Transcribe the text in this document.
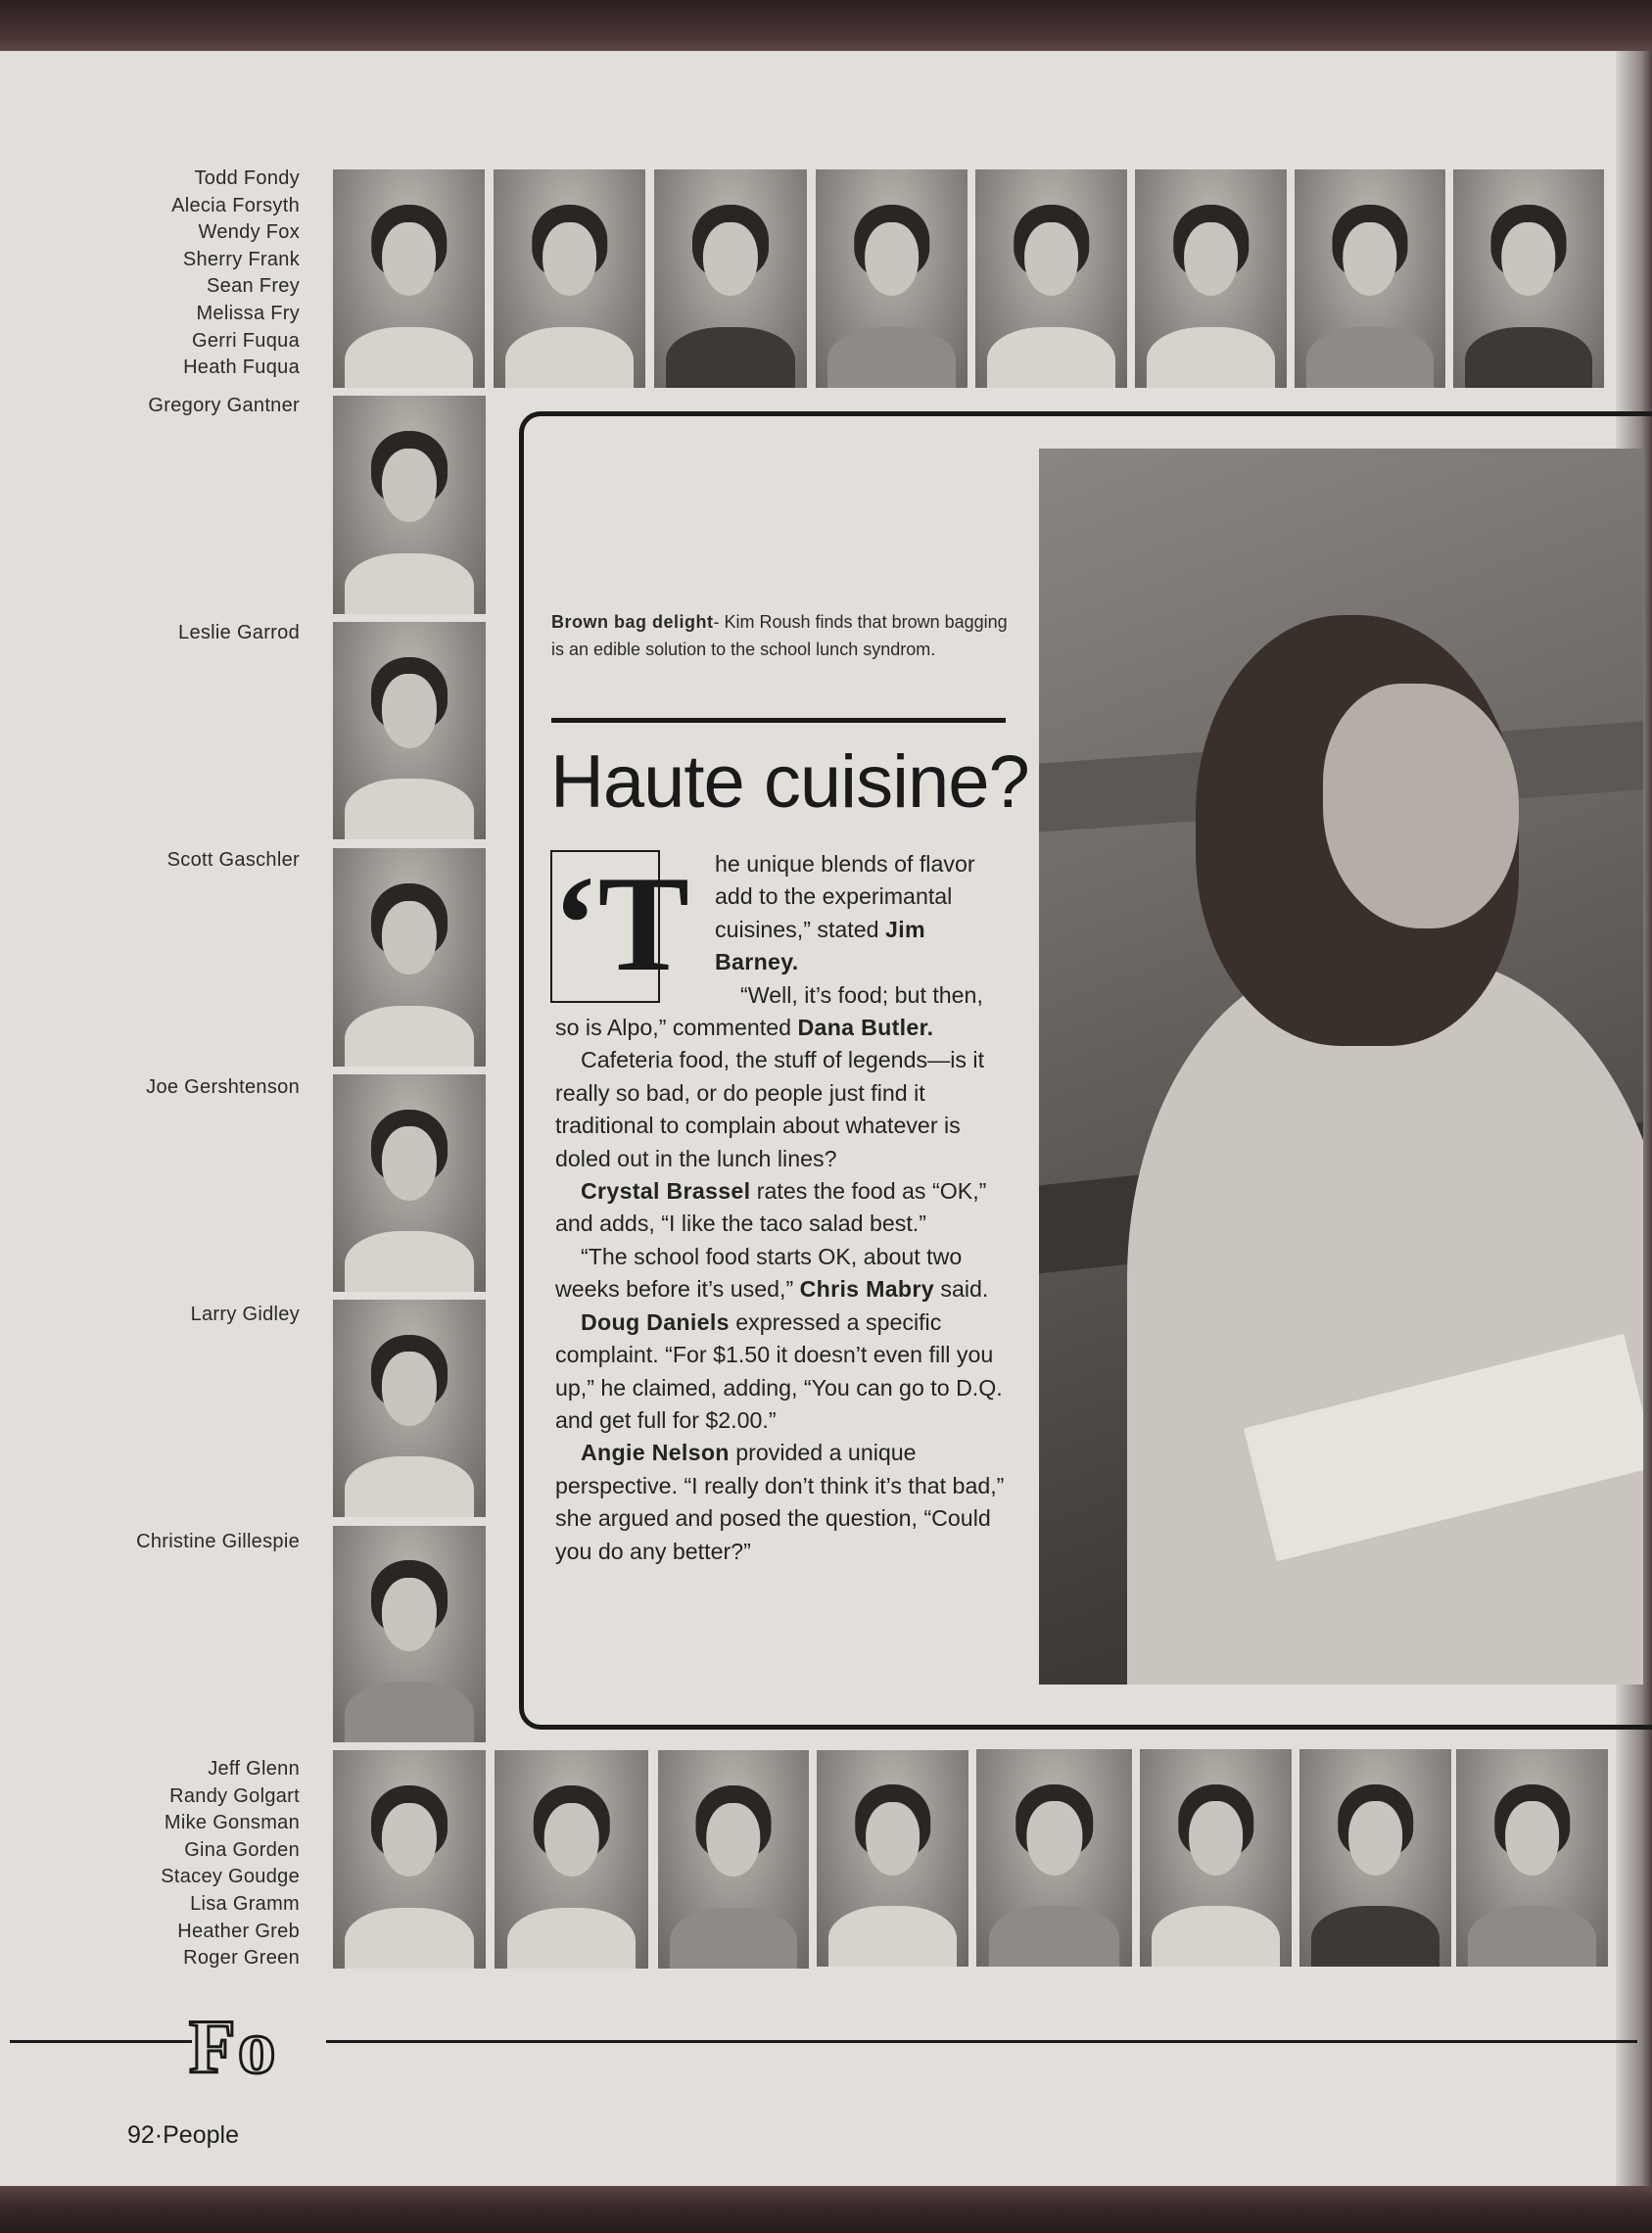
Todd Fondy
Alecia Forsyth
Wendy Fox
Sherry Frank
Sean Frey
Melissa Fry
Gerri Fuqua
Heath Fuqua
Gregory Gantner
Leslie Garrod
Scott Gaschler
Joe Gershtenson
Larry Gidley
Christine Gillespie
Brown bag delight- Kim Roush finds that brown bagging is an edible solution to the school lunch syndrom.
Haute cuisine?
‘T he unique blends of flavor add to the experimantal cuisines,” stated Jim Barney.

“Well, it’s food; but then, so is Alpo,” commented Dana Butler.

Cafeteria food, the stuff of legends—is it really so bad, or do people just find it traditional to complain about whatever is doled out in the lunch lines?

Crystal Brassel rates the food as “OK,” and adds, “I like the taco salad best.”

“The school food starts OK, about two weeks before it’s used,” Chris Mabry said.

Doug Daniels expressed a specific complaint. “For $1.50 it doesn’t even fill you up,” he claimed, adding, “You can go to D.Q. and get full for $2.00.”

Angie Nelson provided a unique perspective. “I really don’t think it’s that bad,” she argued and posed the question, “Could you do any better?”

Jeff Glenn
Randy Golgart
Mike Gonsman
Gina Gorden
Stacey Goudge
Lisa Gramm
Heather Greb
Roger Green
Fo
92·People
